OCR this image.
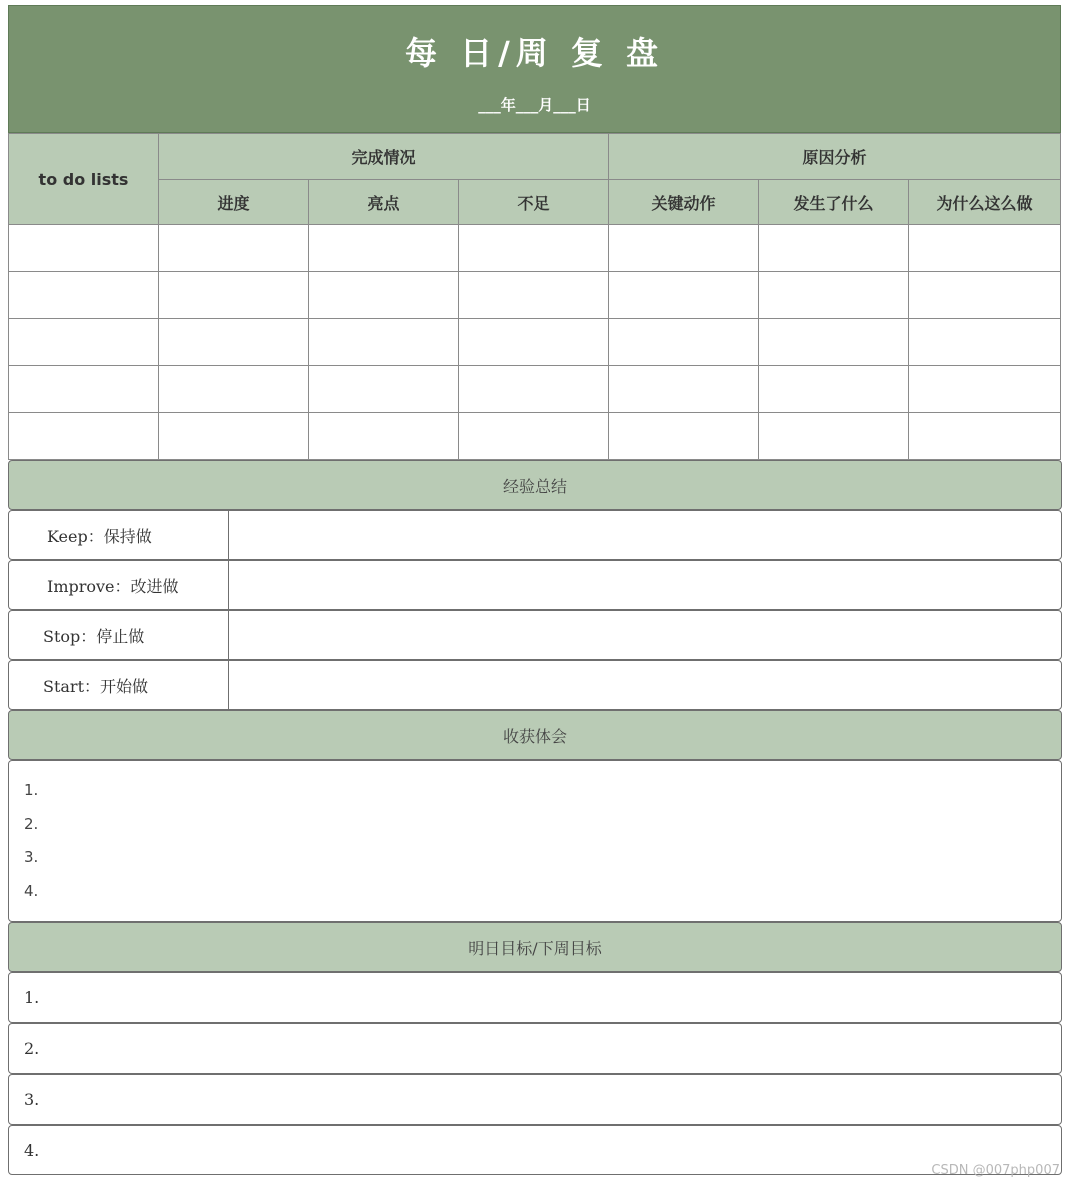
每 日/周 复 盘
___年___月___日
to do lists	完成情况			原因分析		
	进度	亮点	不足	关键动作	发生了什么	为什么这么做

经验总结
Keep：保持做
Improve：改进做
Stop：停止做
Start：开始做
收获体会
1.
2.
3.
4.
明日目标/下周目标
1.
2.
3.
4.
CSDN @007php007
